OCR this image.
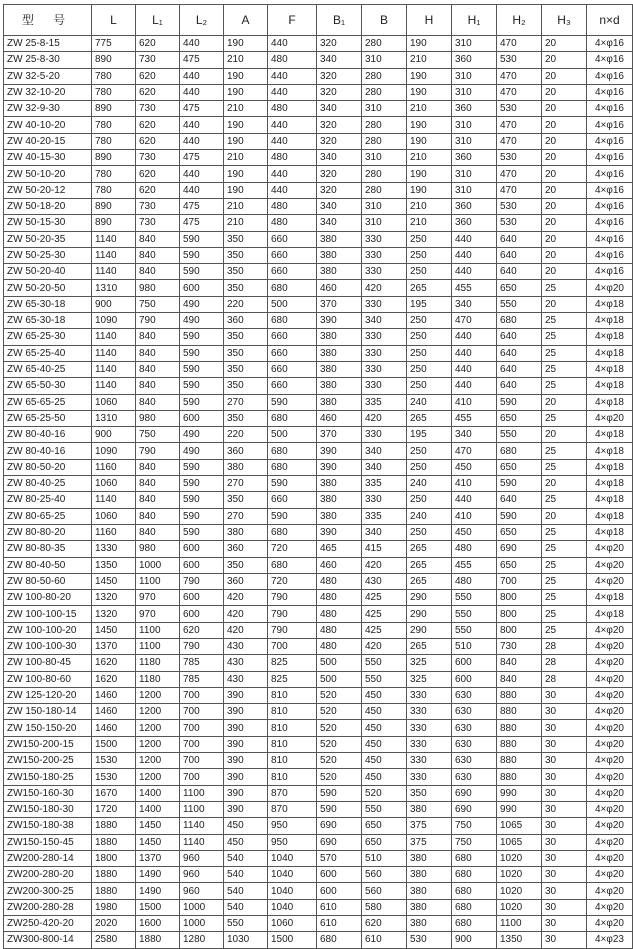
型 号	L	L₁	L₂	A	F	B₁	B	H	H₁	H₂	H₃	n×d
ZW 25-8-15	775	620	440	190	440	320	280	190	310	470	20	4×φ16
ZW 25-8-30	890	730	475	210	480	340	310	210	360	530	20	4×φ16
ZW 32-5-20	780	620	440	190	440	320	280	190	310	470	20	4×φ16
ZW 32-10-20	780	620	440	190	440	320	280	190	310	470	20	4×φ16
ZW 32-9-30	890	730	475	210	480	340	310	210	360	530	20	4×φ16
ZW 40-10-20	780	620	440	190	440	320	280	190	310	470	20	4×φ16
ZW 40-20-15	780	620	440	190	440	320	280	190	310	470	20	4×φ16
ZW 40-15-30	890	730	475	210	480	340	310	210	360	530	20	4×φ16
ZW 50-10-20	780	620	440	190	440	320	280	190	310	470	20	4×φ16
ZW 50-20-12	780	620	440	190	440	320	280	190	310	470	20	4×φ16
ZW 50-18-20	890	730	475	210	480	340	310	210	360	530	20	4×φ16
ZW 50-15-30	890	730	475	210	480	340	310	210	360	530	20	4×φ16
ZW 50-20-35	1140	840	590	350	660	380	330	250	440	640	20	4×φ16
ZW 50-25-30	1140	840	590	350	660	380	330	250	440	640	20	4×φ16
ZW 50-20-40	1140	840	590	350	660	380	330	250	440	640	20	4×φ16
ZW 50-20-50	1310	980	600	350	680	460	420	265	455	650	25	4×φ20
ZW 65-30-18	900	750	490	220	500	370	330	195	340	550	20	4×φ18
ZW 65-30-18	1090	790	490	360	680	390	340	250	470	680	25	4×φ18
ZW 65-25-30	1140	840	590	350	660	380	330	250	440	640	25	4×φ18
ZW 65-25-40	1140	840	590	350	660	380	330	250	440	640	25	4×φ18
ZW 65-40-25	1140	840	590	350	660	380	330	250	440	640	25	4×φ18
ZW 65-50-30	1140	840	590	350	660	380	330	250	440	640	25	4×φ18
ZW 65-65-25	1060	840	590	270	590	380	335	240	410	590	20	4×φ18
ZW 65-25-50	1310	980	600	350	680	460	420	265	455	650	25	4×φ20
ZW 80-40-16	900	750	490	220	500	370	330	195	340	550	20	4×φ18
ZW 80-40-16	1090	790	490	360	680	390	340	250	470	680	25	4×φ18
ZW 80-50-20	1160	840	590	380	680	390	340	250	450	650	25	4×φ18
ZW 80-40-25	1060	840	590	270	590	380	335	240	410	590	20	4×φ18
ZW 80-25-40	1140	840	590	350	660	380	330	250	440	640	25	4×φ18
ZW 80-65-25	1060	840	590	270	590	380	335	240	410	590	20	4×φ18
ZW 80-80-20	1160	840	590	380	680	390	340	250	450	650	25	4×φ18
ZW 80-80-35	1330	980	600	360	720	465	415	265	480	690	25	4×φ20
ZW 80-40-50	1350	1000	600	350	680	460	420	265	455	650	25	4×φ20
ZW 80-50-60	1450	1100	790	360	720	480	430	265	480	700	25	4×φ20
ZW 100-80-20	1320	970	600	420	790	480	425	290	550	800	25	4×φ18
ZW 100-100-15	1320	970	600	420	790	480	425	290	550	800	25	4×φ18
ZW 100-100-20	1450	1100	620	420	790	480	425	290	550	800	25	4×φ20
ZW 100-100-30	1370	1100	790	430	700	480	420	265	510	730	28	4×φ20
ZW 100-80-45	1620	1180	785	430	825	500	550	325	600	840	28	4×φ20
ZW 100-80-60	1620	1180	785	430	825	500	550	325	600	840	28	4×φ20
ZW 125-120-20	1460	1200	700	390	810	520	450	330	630	880	30	4×φ20
ZW 150-180-14	1460	1200	700	390	810	520	450	330	630	880	30	4×φ20
ZW 150-150-20	1460	1200	700	390	810	520	450	330	630	880	30	4×φ20
ZW150-200-15	1500	1200	700	390	810	520	450	330	630	880	30	4×φ20
ZW150-200-25	1530	1200	700	390	810	520	450	330	630	880	30	4×φ20
ZW150-180-25	1530	1200	700	390	810	520	450	330	630	880	30	4×φ20
ZW150-160-30	1670	1400	1100	390	870	590	520	350	690	990	30	4×φ20
ZW150-180-30	1720	1400	1100	390	870	590	550	380	690	990	30	4×φ20
ZW150-180-38	1880	1450	1140	450	950	690	650	375	750	1065	30	4×φ20
ZW150-150-45	1880	1450	1140	450	950	690	650	375	750	1065	30	4×φ20
ZW200-280-14	1800	1370	960	540	1040	570	510	380	680	1020	30	4×φ20
ZW200-280-20	1880	1490	960	540	1040	600	560	380	680	1020	30	4×φ20
ZW200-300-25	1880	1490	960	540	1040	600	560	380	680	1020	30	4×φ20
ZW200-280-28	1980	1500	1000	540	1040	610	580	380	680	1020	30	4×φ20
ZW250-420-20	2020	1600	1000	550	1060	610	620	380	680	1100	30	4×φ20
ZW300-800-14	2580	1880	1280	1030	1500	680	610	530	900	1350	30	4×φ23
